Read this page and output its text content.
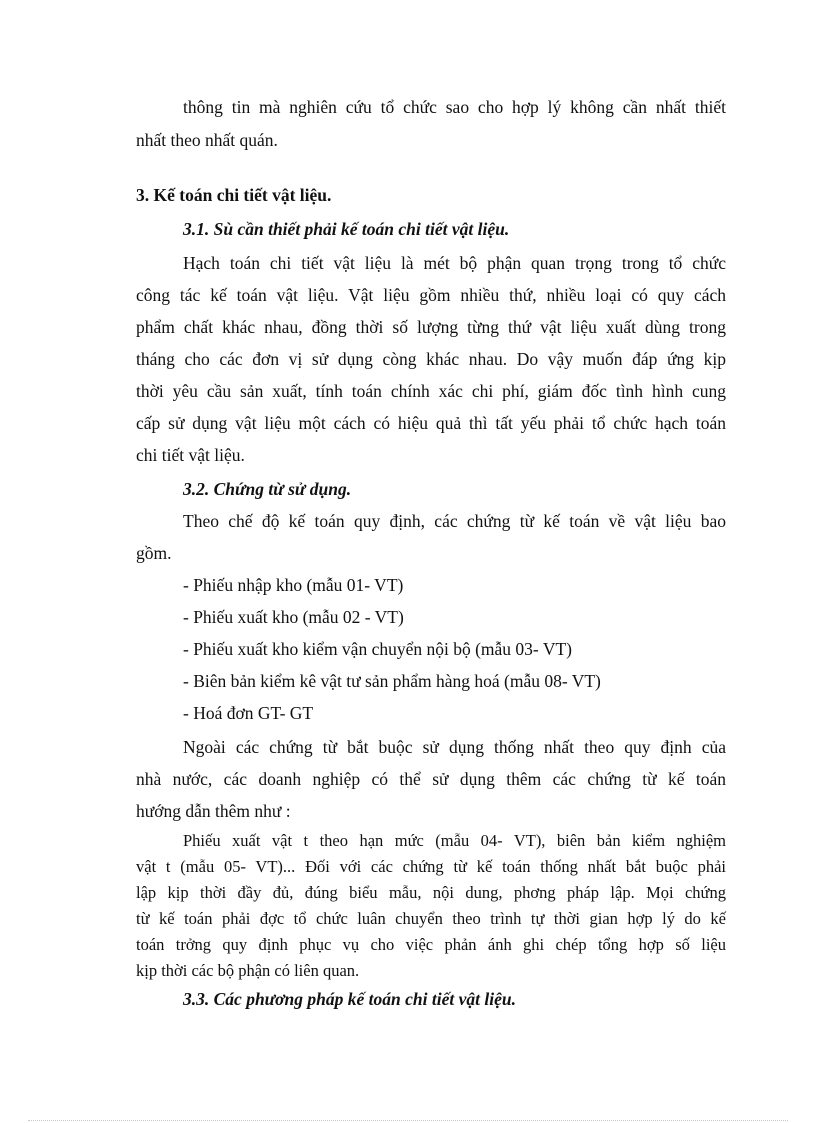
thông tin mà nghiên cứu tổ chức sao cho hợp lý không cần nhất thiết
nhất theo nhất quán.
3. Kế toán chi tiết vật liệu.
3.1. Sù cần thiết phải kế toán chi tiết vật liệu.
Hạch toán chi tiết vật liệu là mét bộ phận quan trọng trong tổ chức
công tác kế toán vật liệu. Vật liệu gồm nhiều thứ, nhiều loại có quy cách
phẩm chất khác nhau, đồng thời số lượng từng thứ vật liệu xuất dùng trong
tháng cho các đơn vị sử dụng còng khác nhau. Do vậy muốn đáp ứng kịp
thời yêu cầu sản xuất, tính toán chính xác chi phí, giám đốc tình hình cung
cấp sử dụng vật liệu một cách có hiệu quả thì tất yếu phải tổ chức hạch toán
chi tiết vật liệu.
3.2. Chứng từ sử dụng.
Theo chế độ kế toán quy định, các chứng từ kế toán về vật liệu bao
gồm.
- Phiếu nhập kho (mẫu 01- VT)
- Phiếu xuất kho (mẫu 02 - VT)
- Phiếu xuất kho kiểm vận chuyển nội bộ (mẫu 03- VT)
- Biên bản kiểm kê vật tư sản phẩm hàng hoá (mẫu 08- VT)
- Hoá đơn GT- GT
Ngoài các chứng từ bắt buộc sử dụng thống nhất theo quy định của
nhà nước, các doanh nghiệp có thể sử dụng thêm các chứng từ kế toán
hướng dẫn thêm như :
Phiếu xuất vật t theo hạn mức (mẫu 04- VT), biên bản kiểm nghiệm
vật t (mẫu 05- VT)... Đối với các chứng từ kế toán thống nhất bắt buộc phải
lập kịp thời đầy đủ, đúng biểu mẫu, nội dung, phơng pháp lập. Mọi chứng
từ kế toán phải đợc tổ chức luân chuyển theo trình tự thời gian hợp lý do kế
toán trởng quy định phục vụ cho việc phản ánh ghi chép tổng hợp số liệu
kịp thời các bộ phận có liên quan.
3.3. Các phương pháp kế toán chi tiết vật liệu.
